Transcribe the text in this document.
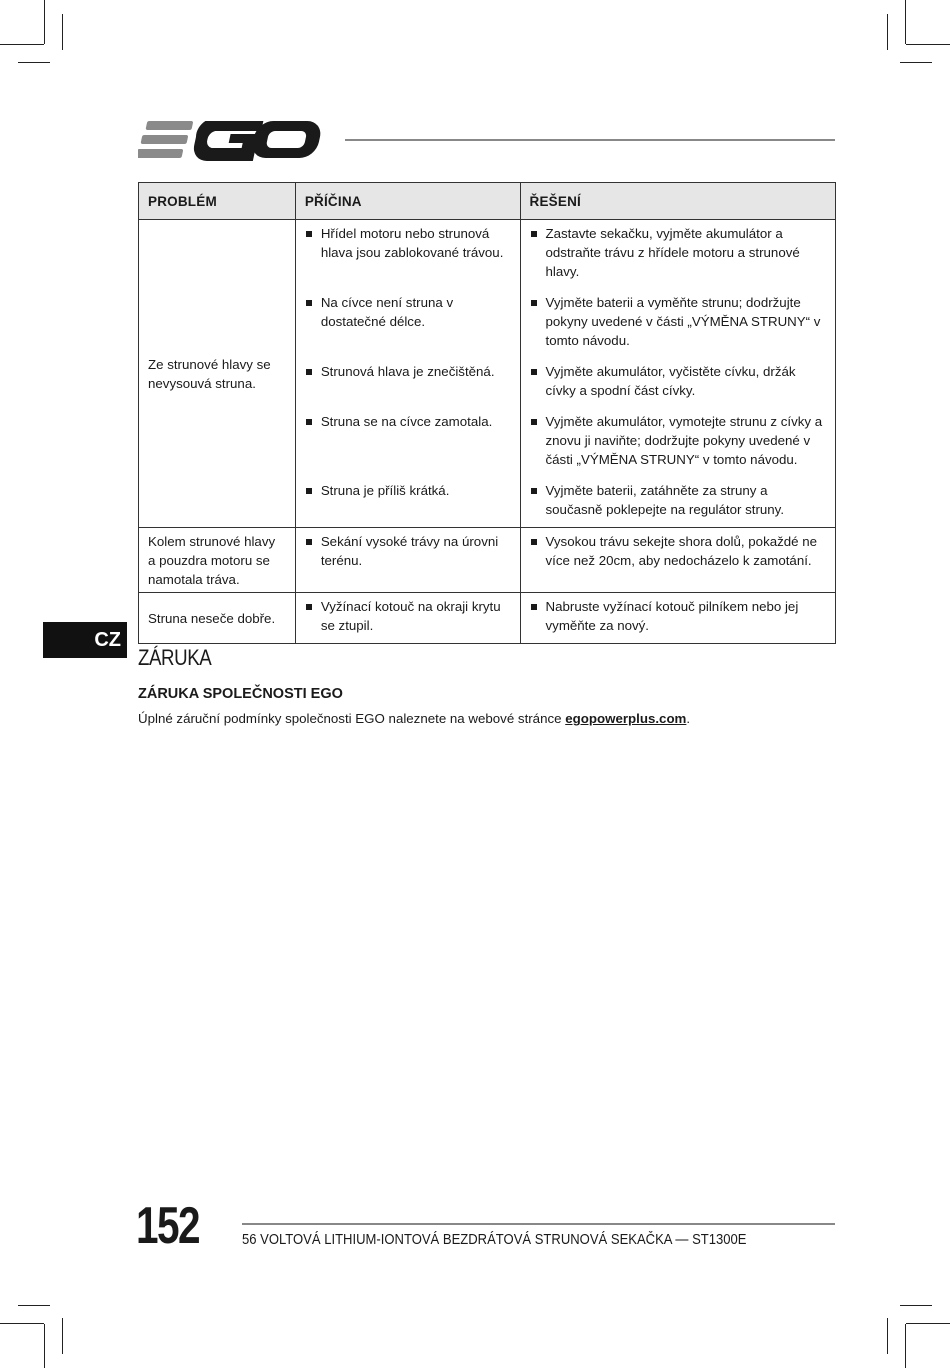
PROBLÉM	PŘÍČINA	ŘEŠENÍ
Ze strunové hlavy se nevysouvá struna.	Hřídel motoru nebo strunová hlava jsou zablokované trávou.	Zastavte sekačku, vyjměte akumulátor a odstraňte trávu z hřídele motoru a strunové hlavy.

	Na cívce není struna v dostatečné délce.	Vyjměte baterii a vyměňte strunu; dodržujte pokyny uvedené v části „VÝMĚNA STRUNY“ v tomto návodu.

	Strunová hlava je znečištěná.	Vyjměte akumulátor, vyčistěte cívku, držák cívky a spodní část cívky.

	Struna se na cívce zamotala.	Vyjměte akumulátor, vymotejte strunu z cívky a znovu ji naviňte; dodržujte pokyny uvedené v části „VÝMĚNA STRUNY“ v tomto návodu.

	Struna je příliš krátká.	Vyjměte baterii, zatáhněte za struny a současně poklepejte na regulátor struny.

Kolem strunové hlavy a pouzdra motoru se namotala tráva.	Sekání vysoké trávy na úrovni terénu.	Vysokou trávu sekejte shora dolů, pokaždé ne více než 20cm, aby nedocházelo k zamotání.

Struna neseče dobře.	Vyžínací kotouč na okraji krytu se ztupil.	Nabruste vyžínací kotouč pilníkem nebo jej vyměňte za nový.
CZ
ZÁRUKA
ZÁRUKA SPOLEČNOSTI EGO
Úplné záruční podmínky společnosti EGO naleznete na webové stránce egopowerplus.com.
152	56 VOLTOVÁ LITHIUM-IONTOVÁ BEZDRÁTOVÁ STRUNOVÁ SEKAČKA — ST1300E
